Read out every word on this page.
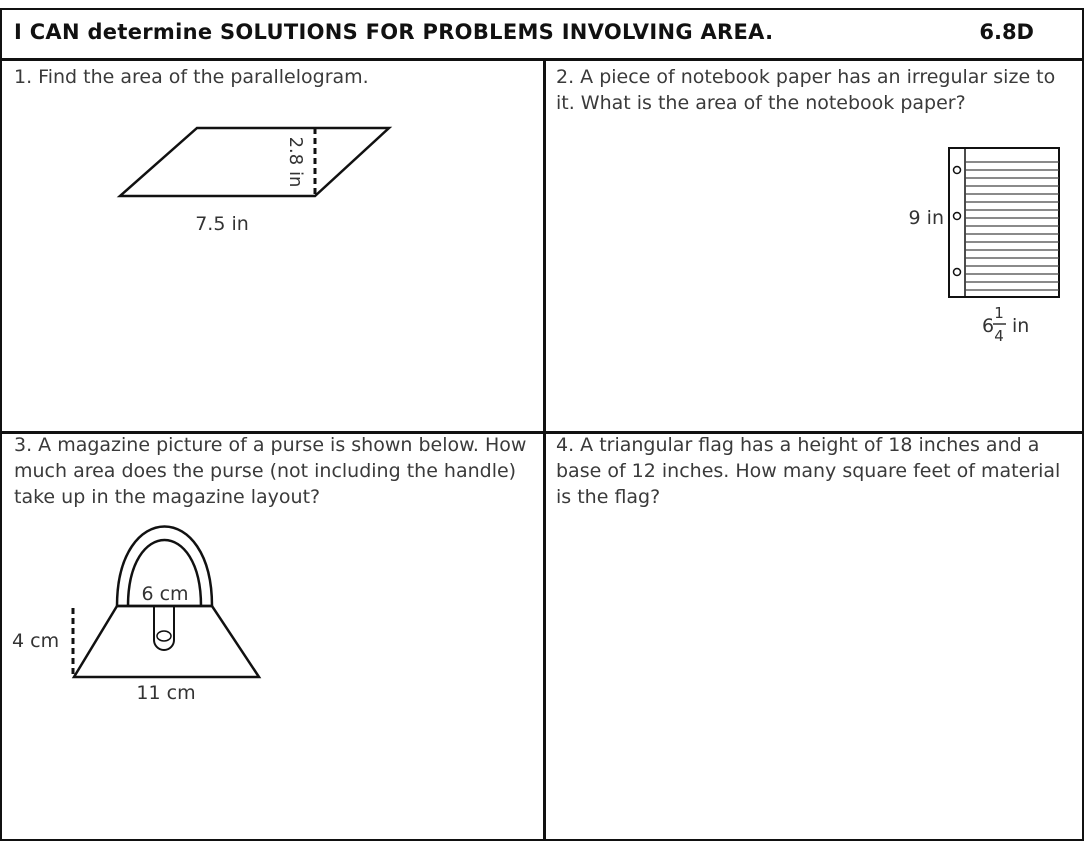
I CAN determine SOLUTIONS FOR PROBLEMS INVOLVING AREA.	6.8D
1. Find the area of the parallelogram.	2. A piece of notebook paper has an irregular size to it. What is the area of the notebook paper?
3. A magazine picture of a purse is shown below. How much area does the purse (not including the handle) take up in the magazine layout?
4. A triangular flag has a height of 18 inches and a base of 12 inches. How many square feet of material is the flag?
2.8 in
7.5 in	9 in
6
1
4 in
6 cm
4 cm
11 cm
